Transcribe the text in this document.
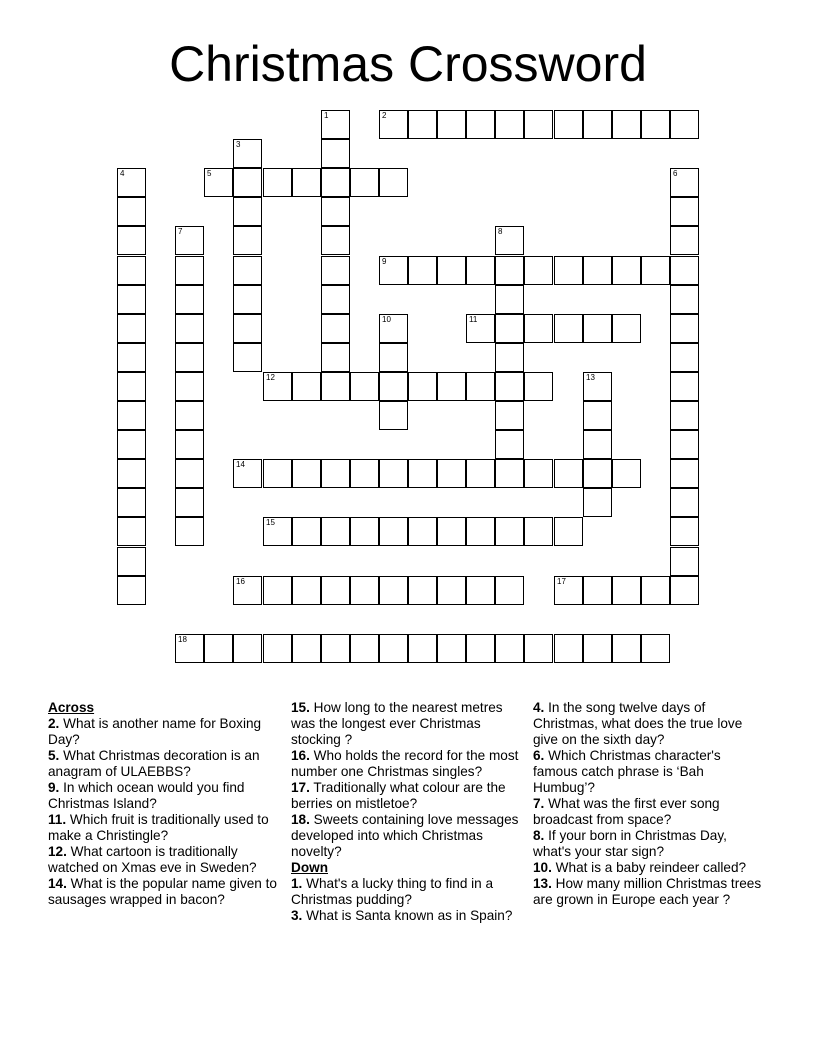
Christmas Crossword
1	2
3
4	5	6
7	8
9
10	11
12	13
14
15
16	17
18
Across
2. What is another name for Boxing Day?
5. What Christmas decoration is an anagram of ULAEBBS?
9. In which ocean would you find Christmas Island?
11. Which fruit is traditionally used to make a Christingle?
12. What cartoon is traditionally watched on Xmas eve in Sweden?
14. What is the popular name given to sausages wrapped in bacon?
15. How long to the nearest metres was the longest ever Christmas stocking ?
16. Who holds the record for the most number one Christmas singles?
17. Traditionally what colour are the berries on mistletoe?
18. Sweets containing love messages developed into which Christmas novelty?
Down
1. What's a lucky thing to find in a Christmas pudding?
3. What is Santa known as in Spain?
4. In the song twelve days of Christmas, what does the true love give on the sixth day?
6. Which Christmas character's famous catch phrase is ‘Bah Humbug’?
7. What was the first ever song broadcast from space?
8. If your born in Christmas Day, what's your star sign?
10. What is a baby reindeer called?
13. How many million Christmas trees are grown in Europe each year ?
